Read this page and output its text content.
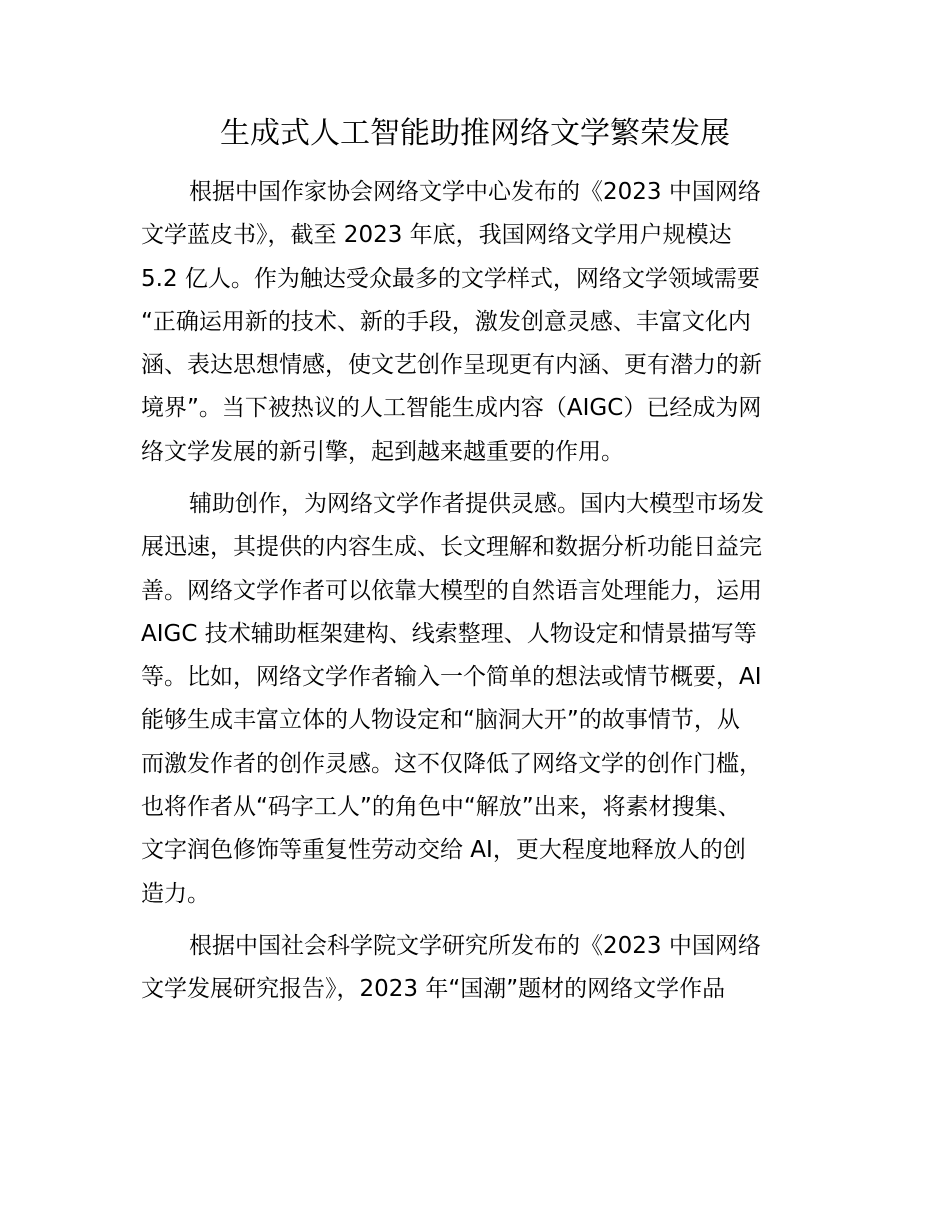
生成式人工智能助推网络文学繁荣发展

根据中国作家协会网络文学中心发布的《2023 中国网络
文学蓝皮书》，截至 2023 年底，我国网络文学用户规模达
5.2 亿人。作为触达受众最多的文学样式，网络文学领域需要
“正确运用新的技术、新的手段，激发创意灵感、丰富文化内
涵、表达思想情感，使文艺创作呈现更有内涵、更有潜力的新
境界”。当下被热议的人工智能生成内容（AIGC）已经成为网
络文学发展的新引擎，起到越来越重要的作用。

辅助创作，为网络文学作者提供灵感。国内大模型市场发
展迅速，其提供的内容生成、长文理解和数据分析功能日益完
善。网络文学作者可以依靠大模型的自然语言处理能力，运用
AIGC 技术辅助框架建构、线索整理、人物设定和情景描写等
等。比如，网络文学作者输入一个简单的想法或情节概要，AI
能够生成丰富立体的人物设定和“脑洞大开”的故事情节，从
而激发作者的创作灵感。这不仅降低了网络文学的创作门槛，
也将作者从“码字工人”的角色中“解放”出来，将素材搜集、
文字润色修饰等重复性劳动交给 AI，更大程度地释放人的创
造力。

根据中国社会科学院文学研究所发布的《2023 中国网络
文学发展研究报告》，2023 年“国潮”题材的网络文学作品
